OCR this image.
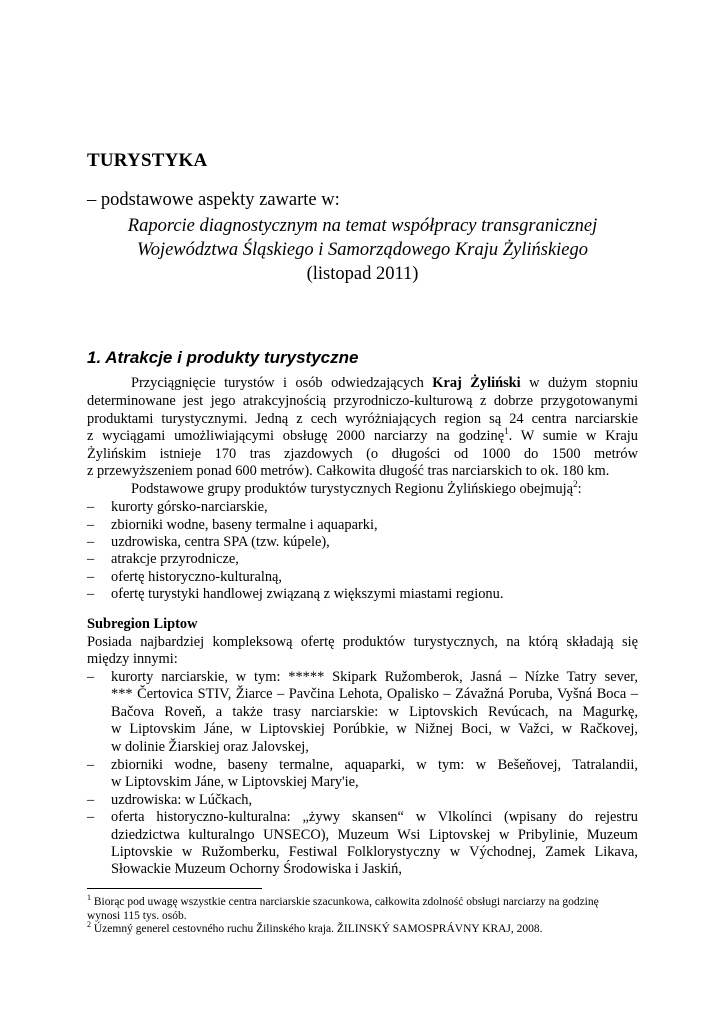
TURYSTYKA
– podstawowe aspekty zawarte w:
Raporcie diagnostycznym na temat współpracy transgranicznej
Województwa Śląskiego i Samorządowego Kraju Żylińskiego
(listopad 2011)
1. Atrakcje i produkty turystyczne
Przyciągnięcie turystów i osób odwiedzających Kraj Żyliński w dużym stopniu
determinowane jest jego atrakcyjnością przyrodniczo-kulturową z dobrze przygotowanymi
produktami turystycznymi. Jedną z cech wyróżniających region są 24 centra narciarskie
z wyciągami umożliwiającymi obsługę 2000 narciarzy na godzinę$^1$. W sumie w Kraju
Żylińskim istnieje 170 tras zjazdowych (o długości od 1000 do 1500 metrów
z przewyższeniem ponad 600 metrów). Całkowita długość tras narciarskich to ok. 180 km.
Podstawowe grupy produktów turystycznych Regionu Żylińskiego obejmują$^2$:
– kurorty górsko-narciarskie,
– zbiorniki wodne, baseny termalne i aquaparki,
– uzdrowiska, centra SPA (tzw. kúpele),
– atrakcje przyrodnicze,
– ofertę historyczno-kulturalną,
– ofertę turystyki handlowej związaną z większymi miastami regionu.
Subregion Liptow
Posiada najbardziej kompleksową ofertę produktów turystycznych, na którą składają się
między innymi:
– kurorty narciarskie, w tym: ***** Skipark Ružomberok, Jasná – Nízke Tatry sever,
*** Čertovica STIV, Žiarce – Pavčina Lehota, Opalisko – Závažná Poruba, Vyšná Boca –
Bačova Roveň, a także trasy narciarskie: w Liptovskich Revúcach, na Magurkę,
w Liptovskim Jáne, w Liptovskiej Porúbkie, w Nižnej Boci, w Važci, w Račkovej,
w dolinie Žiarskiej oraz Jalovskej,
– zbiorniki wodne, baseny termalne, aquaparki, w tym: w Bešeňovej, Tatralandii,
w Liptovskim Jáne, w Liptovskiej Mary'ie,
– uzdrowiska: w Lúčkach,
– oferta historyczno-kulturalna: „żywy skansen“ w Vlkolínci (wpisany do rejestru
dziedzictwa kulturalngo UNSECO), Muzeum Wsi Liptovskej w Pribylinie, Muzeum
Liptovskie w Ružomberku, Festiwal Folklorystyczny w Východnej, Zamek Likava,
Słowackie Muzeum Ochorny Środowiska i Jaskiń,
$^1$ Biorąc pod uwagę wszystkie centra narciarskie szacunkowa, całkowita zdolność obsługi narciarzy na godzinę
wynosi 115 tys. osób.
$^2$ Územný generel cestovného ruchu Žilinského kraja. ŽILINSKÝ SAMOSPRÁVNY KRAJ, 2008.
